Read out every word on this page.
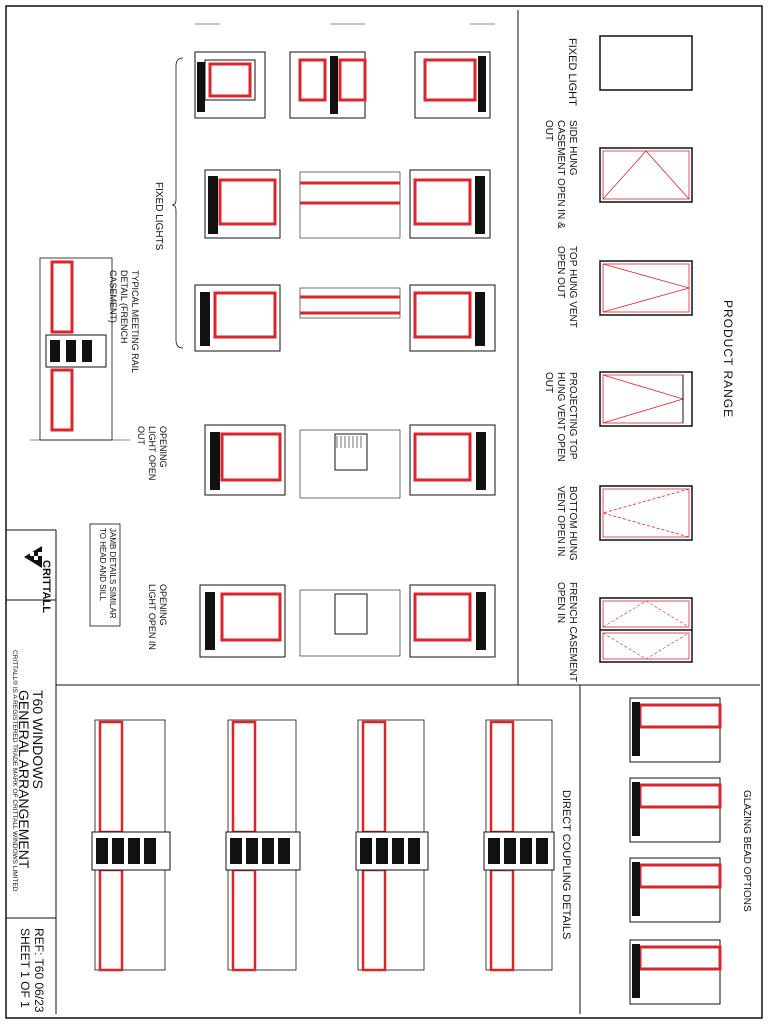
FIXED LIGHT
SIDE HUNG CASEMENT OPEN IN & OUT
TOP HUNG VENT OPEN OUT
PROJECTING TOP HUNG VENT OPEN OUT
BOTTOM HUNG VENT OPEN IN
FRENCH CASEMENT OPEN IN
PRODUCT RANGE
FIXED LIGHTS
OPENING LIGHT OPEN OUT
OPENING LIGHT OPEN IN
TYPICAL MEETING RAIL DETAIL (FRENCH CASEMENT)
DIRECT COUPLING DETAILS	GLAZING BEAD OPTIONS
JAMB DETAILS SIMILAR TO HEAD AND SILL
CRITTALL
T60 WINDOWS
GENERAL ARRANGEMENT
CRITTALL® IS A REGISTERED TRADE MARK OF CRITTALL WINDOWS LIMITED
REF: T60 06/23
SHEET 1 OF 1
